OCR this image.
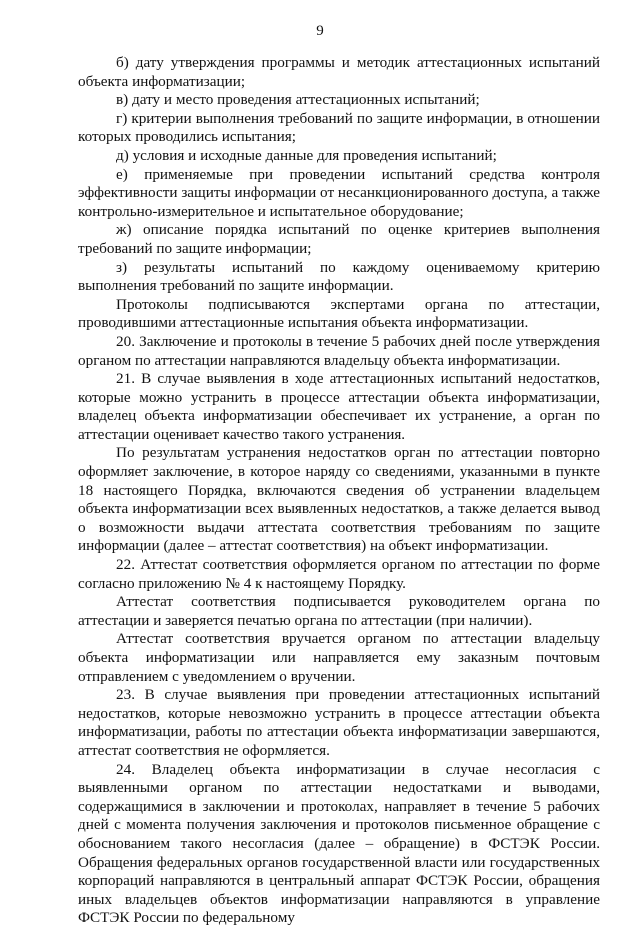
9

б) дату утверждения программы и методик аттестационных испытаний объекта информатизации;

в) дату и место проведения аттестационных испытаний;

г) критерии выполнения требований по защите информации, в отношении которых проводились испытания;

д) условия и исходные данные для проведения испытаний;

е) применяемые при проведении испытаний средства контроля эффективности защиты информации от несанкционированного доступа, а также контрольно-измерительное и испытательное оборудование;

ж) описание порядка испытаний по оценке критериев выполнения требований по защите информации;

з) результаты испытаний по каждому оцениваемому критерию выполнения требований по защите информации.

Протоколы подписываются экспертами органа по аттестации, проводившими аттестационные испытания объекта информатизации.

20. Заключение и протоколы в течение 5 рабочих дней после утверждения органом по аттестации направляются владельцу объекта информатизации.

21. В случае выявления в ходе аттестационных испытаний недостатков, которые можно устранить в процессе аттестации объекта информатизации, владелец объекта информатизации обеспечивает их устранение, а орган по аттестации оценивает качество такого устранения.

По результатам устранения недостатков орган по аттестации повторно оформляет заключение, в которое наряду со сведениями, указанными в пункте 18 настоящего Порядка, включаются сведения об устранении владельцем объекта информатизации всех выявленных недостатков, а также делается вывод о возможности выдачи аттестата соответствия требованиям по защите информации (далее – аттестат соответствия) на объект информатизации.

22. Аттестат соответствия оформляется органом по аттестации по форме согласно приложению № 4 к настоящему Порядку.

Аттестат соответствия подписывается руководителем органа по аттестации и заверяется печатью органа по аттестации (при наличии).

Аттестат соответствия вручается органом по аттестации владельцу объекта информатизации или направляется ему заказным почтовым отправлением с уведомлением о вручении.

23. В случае выявления при проведении аттестационных испытаний недостатков, которые невозможно устранить в процессе аттестации объекта информатизации, работы по аттестации объекта информатизации завершаются, аттестат соответствия не оформляется.

24. Владелец объекта информатизации в случае несогласия с выявленными органом по аттестации недостатками и выводами, содержащимися в заключении и протоколах, направляет в течение 5 рабочих дней с момента получения заключения и протоколов письменное обращение с обоснованием такого несогласия (далее – обращение) в ФСТЭК России. Обращения федеральных органов государственной власти или государственных корпораций направляются в центральный аппарат ФСТЭК России, обращения иных владельцев объектов информатизации направляются в управление ФСТЭК России по федеральному
